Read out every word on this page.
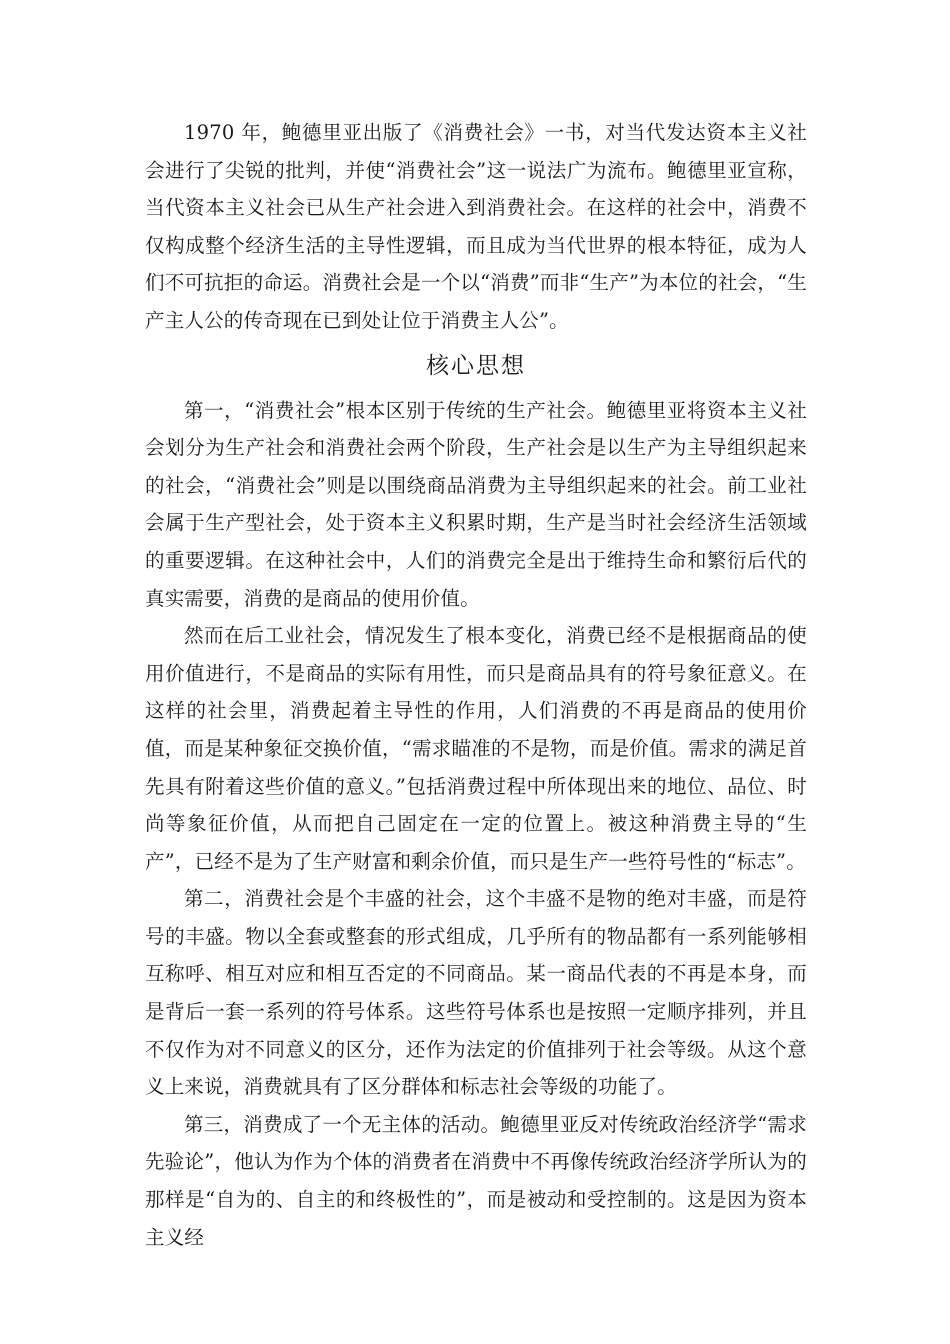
1970 年，鲍德里亚出版了《消费社会》一书，对当代发达资本主义社会进行了尖锐的批判，并使“消费社会”这一说法广为流布。鲍德里亚宣称，当代资本主义社会已从生产社会进入到消费社会。在这样的社会中，消费不仅构成整个经济生活的主导性逻辑，而且成为当代世界的根本特征，成为人们不可抗拒的命运。消费社会是一个以“消费”而非“生产”为本位的社会，“生产主人公的传奇现在已到处让位于消费主人公”。

核心思想

第一，“消费社会”根本区别于传统的生产社会。鲍德里亚将资本主义社会划分为生产社会和消费社会两个阶段，生产社会是以生产为主导组织起来的社会，“消费社会”则是以围绕商品消费为主导组织起来的社会。前工业社会属于生产型社会，处于资本主义积累时期，生产是当时社会经济生活领域的重要逻辑。在这种社会中，人们的消费完全是出于维持生命和繁衍后代的真实需要，消费的是商品的使用价值。

然而在后工业社会，情况发生了根本变化，消费已经不是根据商品的使用价值进行，不是商品的实际有用性，而只是商品具有的符号象征意义。在这样的社会里，消费起着主导性的作用，人们消费的不再是商品的使用价值，而是某种象征交换价值，“需求瞄准的不是物，而是价值。需求的满足首先具有附着这些价值的意义。”包括消费过程中所体现出来的地位、品位、时尚等象征价值，从而把自己固定在一定的位置上。被这种消费主导的“生产”，已经不是为了生产财富和剩余价值，而只是生产一些符号性的“标志”。

第二，消费社会是个丰盛的社会，这个丰盛不是物的绝对丰盛，而是符号的丰盛。物以全套或整套的形式组成，几乎所有的物品都有一系列能够相互称呼、相互对应和相互否定的不同商品。某一商品代表的不再是本身，而是背后一套一系列的符号体系。这些符号体系也是按照一定顺序排列，并且不仅作为对不同意义的区分，还作为法定的价值排列于社会等级。从这个意义上来说，消费就具有了区分群体和标志社会等级的功能了。

第三，消费成了一个无主体的活动。鲍德里亚反对传统政治经济学“需求先验论”，他认为作为个体的消费者在消费中不再像传统政治经济学所认为的那样是“自为的、自主的和终极性的”，而是被动和受控制的。这是因为资本主义经
